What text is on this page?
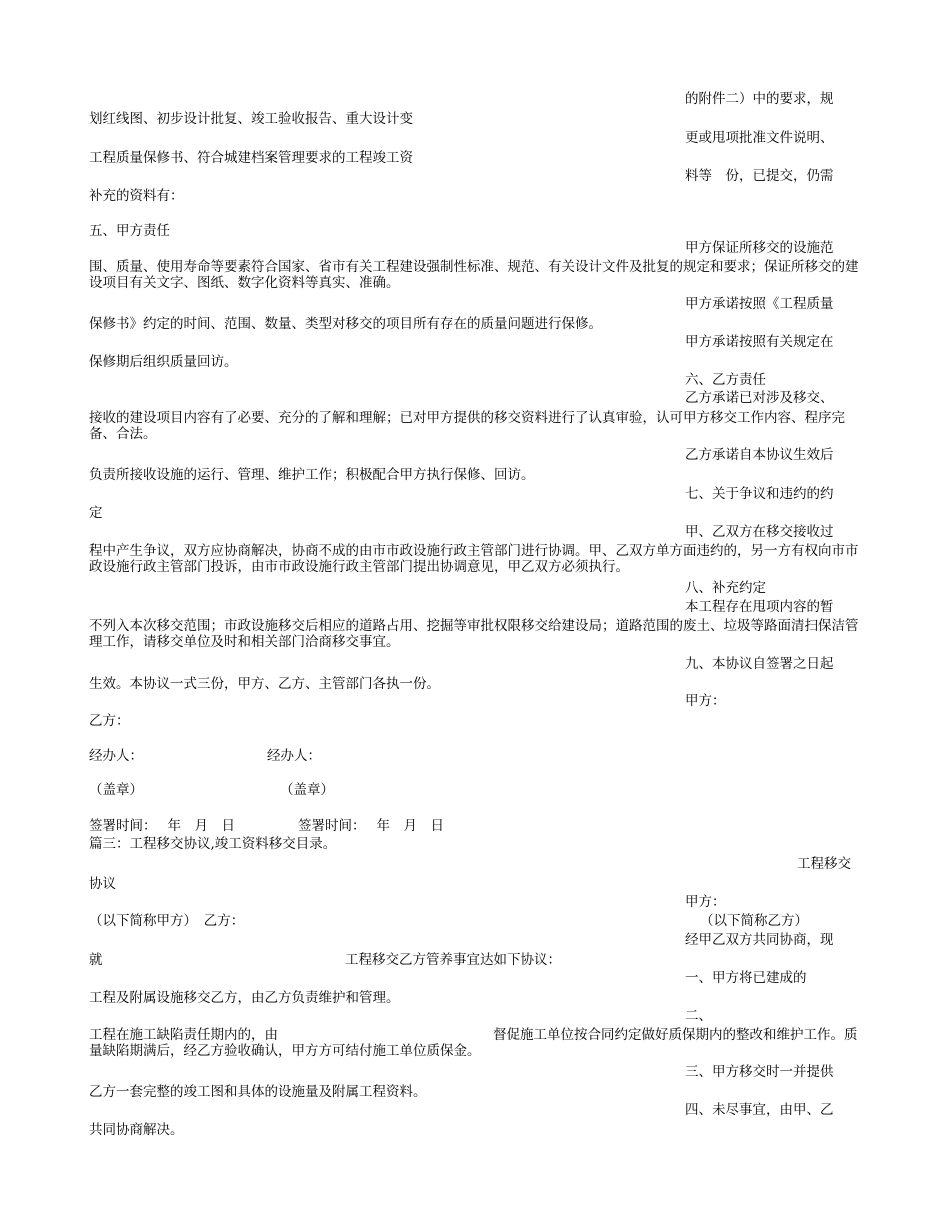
的附件二）中的要求，规
划红线图、初步设计批复、竣工验收报告、重大设计变
更或甩项批准文件说明、
工程质量保修书、符合城建档案管理要求的工程竣工资
料等　份，已提交，仍需
补充的资料有：
五、甲方责任
甲方保证所移交的设施范
围、质量、使用寿命等要素符合国家、省市有关工程建设强制性标准、规范、有关设计文件及批复的规定和要求；保证所移交的建设项目有关文字、图纸、数字化资料等真实、准确。
甲方承诺按照《工程质量
保修书》约定的时间、范围、数量、类型对移交的项目所有存在的质量问题进行保修。
甲方承诺按照有关规定在
保修期后组织质量回访。
六、乙方责任
乙方承诺已对涉及移交、
接收的建设项目内容有了必要、充分的了解和理解；已对甲方提供的移交资料进行了认真审验，认可甲方移交工作内容、程序完备、合法。
乙方承诺自本协议生效后
负责所接收设施的运行、管理、维护工作；积极配合甲方执行保修、回访。
七、关于争议和违约的约
定
甲、乙双方在移交接收过
程中产生争议，双方应协商解决，协商不成的由市市政设施行政主管部门进行协调。甲、乙双方单方面违约的，另一方有权向市市政设施行政主管部门投诉，由市市政设施行政主管部门提出协调意见，甲乙双方必须执行。
八、补充约定
本工程存在甩项内容的暂
不列入本次移交范围；市政设施移交后相应的道路占用、挖掘等审批权限移交给建设局；道路范围的废土、垃圾等路面清扫保洁管理工作，请移交单位及时和相关部门洽商移交事宜。
九、本协议自签署之日起
生效。本协议一式三份，甲方、乙方、主管部门各执一份。
甲方：
乙方：
经办人：	经办人：
（盖章）	（盖章）
签署时间：　 年　月　日	签署时间：　 年　月　日
篇三：工程移交协议,竣工资料移交目录。
工程移交
协议
甲方：
（以下简称甲方）　乙方：	（以下简称乙方）
经甲乙双方共同协商，现
就	工程移交乙方管养事宜达如下协议：
一、甲方将已建成的
工程及附属设施移交乙方，由乙方负责维护和管理。
二、
工程在施工缺陷责任期内的，由	督促施工单位按合同约定做好质保期内的整改和维护工作。质量缺陷期满后，经乙方验收确认，甲方方可结付施工单位质保金。
三、甲方移交时一并提供
乙方一套完整的竣工图和具体的设施量及附属工程资料。
四、未尽事宜，由甲、乙
共同协商解决。
